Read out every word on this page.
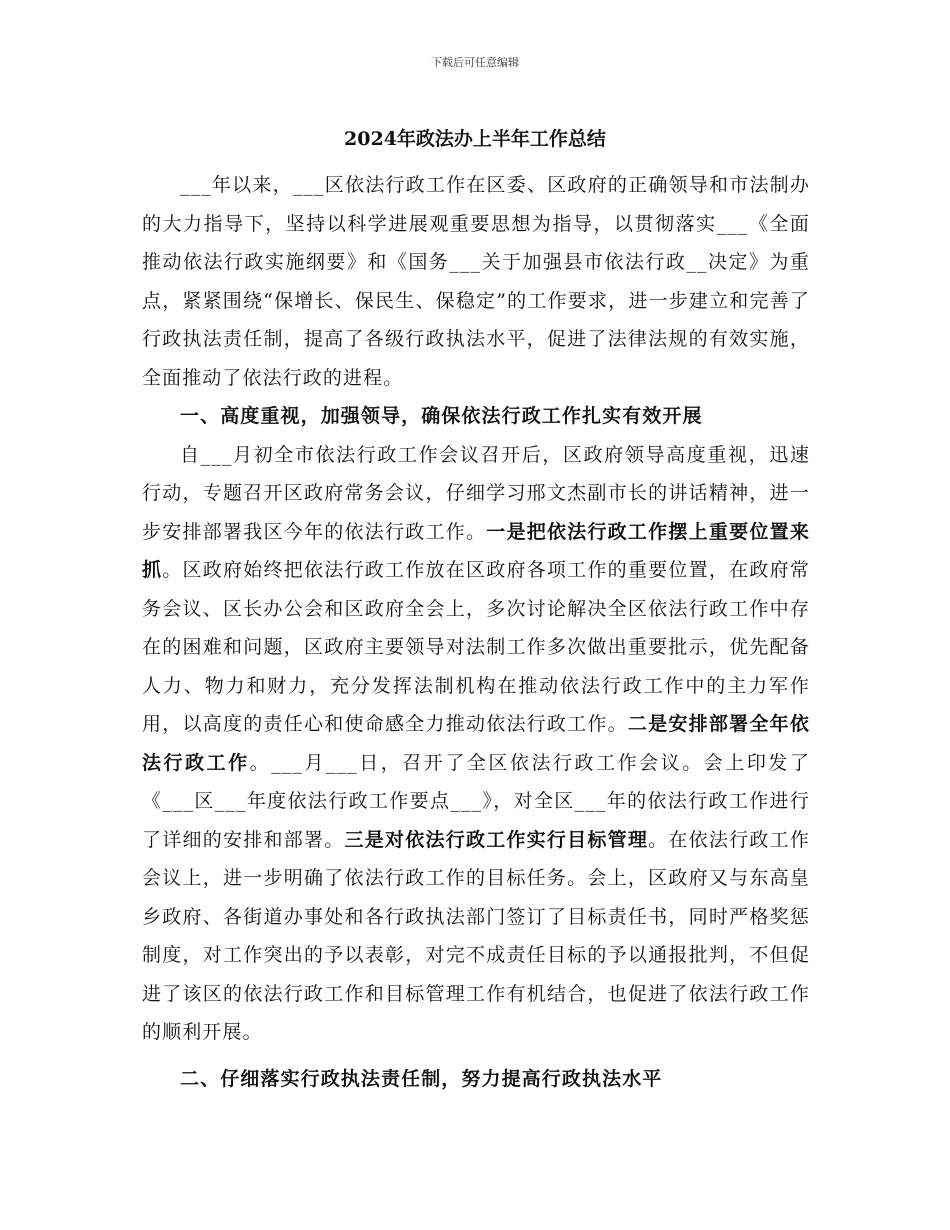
下载后可任意编辑
2024年政法办上半年工作总结

___年以来，___区依法行政工作在区委、区政府的正确领导和市法制办的大力指导下，坚持以科学进展观重要思想为指导，以贯彻落实___《全面推动依法行政实施纲要》和《国务___关于加强县市依法行政__决定》为重点，紧紧围绕“保增长、保民生、保稳定”的工作要求，进一步建立和完善了行政执法责任制，提高了各级行政执法水平，促进了法律法规的有效实施，全面推动了依法行政的进程。

一、高度重视，加强领导，确保依法行政工作扎实有效开展

自___月初全市依法行政工作会议召开后，区政府领导高度重视，迅速行动，专题召开区政府常务会议，仔细学习邢文杰副市长的讲话精神，进一步安排部署我区今年的依法行政工作。一是把依法行政工作摆上重要位置来抓。区政府始终把依法行政工作放在区政府各项工作的重要位置，在政府常务会议、区长办公会和区政府全会上，多次讨论解决全区依法行政工作中存在的困难和问题，区政府主要领导对法制工作多次做出重要批示，优先配备人力、物力和财力，充分发挥法制机构在推动依法行政工作中的主力军作用，以高度的责任心和使命感全力推动依法行政工作。二是安排部署全年依法行政工作。___月___日，召开了全区依法行政工作会议。会上印发了《___区___年度依法行政工作要点___》，对全区___年的依法行政工作进行了详细的安排和部署。三是对依法行政工作实行目标管理。在依法行政工作会议上，进一步明确了依法行政工作的目标任务。会上，区政府又与东高皇乡政府、各街道办事处和各行政执法部门签订了目标责任书，同时严格奖惩制度，对工作突出的予以表彰，对完不成责任目标的予以通报批判，不但促进了该区的依法行政工作和目标管理工作有机结合，也促进了依法行政工作的顺利开展。

二、仔细落实行政执法责任制，努力提高行政执法水平
